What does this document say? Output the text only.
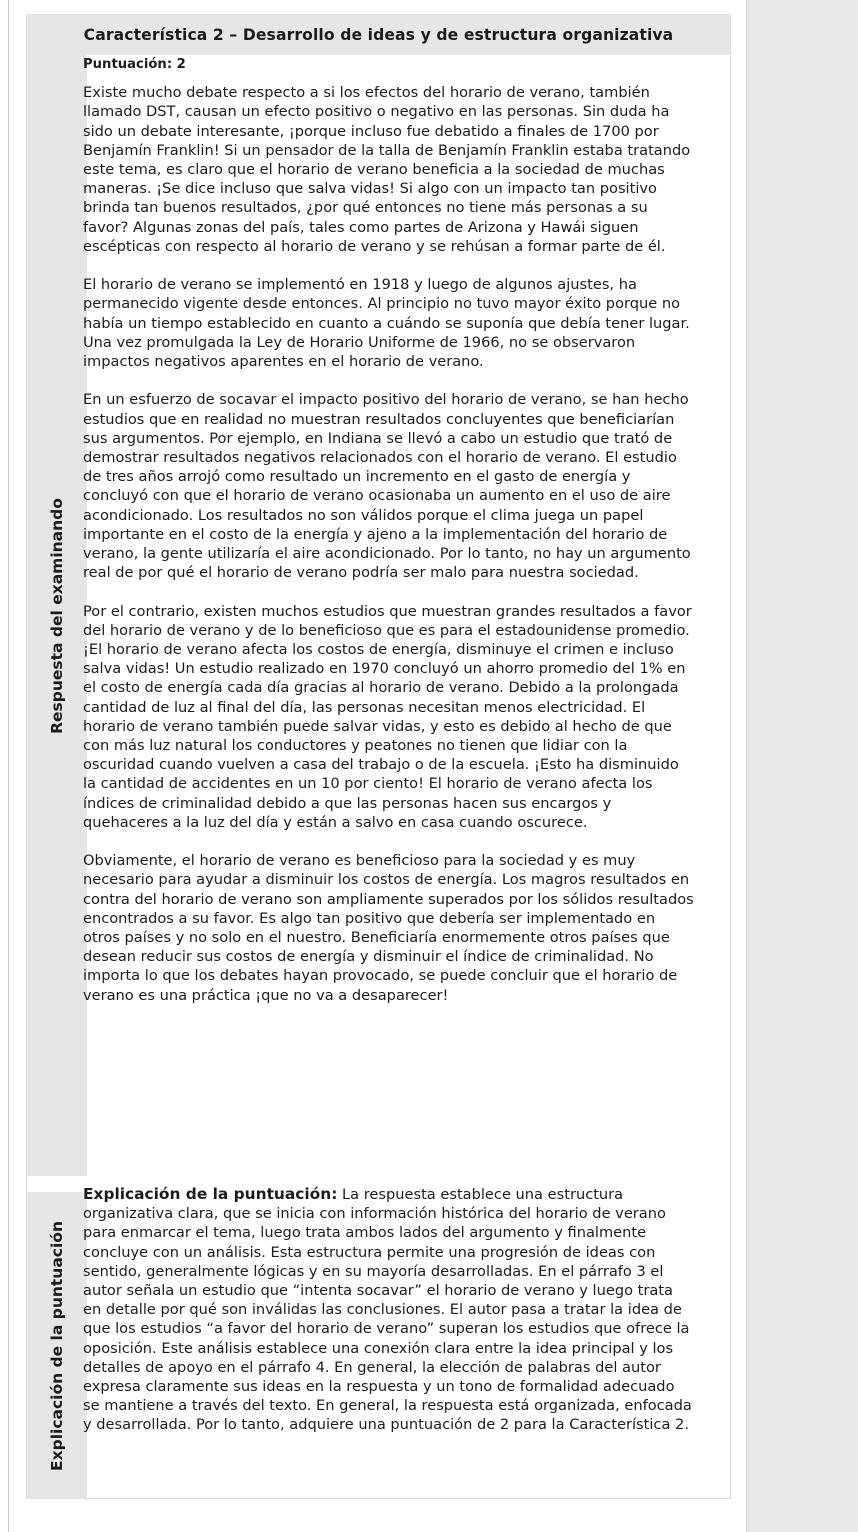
Característica 2 – Desarrollo de ideas y de estructura organizativa
Respuesta del examinando
Explicación de la puntuación
Puntuación: 2

Existe mucho debate respecto a si los efectos del horario de verano, también llamado DST, causan un efecto positivo o negativo en las personas. Sin duda ha sido un debate interesante, ¡porque incluso fue debatido a finales de 1700 por Benjamín Franklin! Si un pensador de la talla de Benjamín Franklin estaba tratando este tema, es claro que el horario de verano beneficia a la sociedad de muchas maneras. ¡Se dice incluso que salva vidas! Si algo con un impacto tan positivo brinda tan buenos resultados, ¿por qué entonces no tiene más personas a su favor? Algunas zonas del país, tales como partes de Arizona y Hawái siguen escépticas con respecto al horario de verano y se rehúsan a formar parte de él.

El horario de verano se implementó en 1918 y luego de algunos ajustes, ha permanecido vigente desde entonces. Al principio no tuvo mayor éxito porque no había un tiempo establecido en cuanto a cuándo se suponía que debía tener lugar. Una vez promulgada la Ley de Horario Uniforme de 1966, no se observaron impactos negativos aparentes en el horario de verano.

En un esfuerzo de socavar el impacto positivo del horario de verano, se han hecho estudios que en realidad no muestran resultados concluyentes que beneficiarían sus argumentos. Por ejemplo, en Indiana se llevó a cabo un estudio que trató de demostrar resultados negativos relacionados con el horario de verano. El estudio de tres años arrojó como resultado un incremento en el gasto de energía y concluyó con que el horario de verano ocasionaba un aumento en el uso de aire acondicionado. Los resultados no son válidos porque el clima juega un papel importante en el costo de la energía y ajeno a la implementación del horario de verano, la gente utilizaría el aire acondicionado. Por lo tanto, no hay un argumento real de por qué el horario de verano podría ser malo para nuestra sociedad.

Por el contrario, existen muchos estudios que muestran grandes resultados a favor del horario de verano y de lo beneficioso que es para el estadounidense promedio. ¡El horario de verano afecta los costos de energía, disminuye el crimen e incluso salva vidas! Un estudio realizado en 1970 concluyó un ahorro promedio del 1% en el costo de energía cada día gracias al horario de verano. Debido a la prolongada cantidad de luz al final del día, las personas necesitan menos electricidad. El horario de verano también puede salvar vidas, y esto es debido al hecho de que con más luz natural los conductores y peatones no tienen que lidiar con la oscuridad cuando vuelven a casa del trabajo o de la escuela. ¡Esto ha disminuido la cantidad de accidentes en un 10 por ciento! El horario de verano afecta los índices de criminalidad debido a que las personas hacen sus encargos y quehaceres a la luz del día y están a salvo en casa cuando oscurece.

Obviamente, el horario de verano es beneficioso para la sociedad y es muy necesario para ayudar a disminuir los costos de energía. Los magros resultados en contra del horario de verano son ampliamente superados por los sólidos resultados encontrados a su favor. Es algo tan positivo que debería ser implementado en otros países y no solo en el nuestro. Beneficiaría enormemente otros países que desean reducir sus costos de energía y disminuir el índice de criminalidad. No importa lo que los debates hayan provocado, se puede concluir que el horario de verano es una práctica ¡que no va a desaparecer!

Explicación de la puntuación: La respuesta establece una estructura organizativa clara, que se inicia con información histórica del horario de verano para enmarcar el tema, luego trata ambos lados del argumento y finalmente concluye con un análisis. Esta estructura permite una progresión de ideas con sentido, generalmente lógicas y en su mayoría desarrolladas. En el párrafo 3 el autor señala un estudio que “intenta socavar” el horario de verano y luego trata en detalle por qué son inválidas las conclusiones. El autor pasa a tratar la idea de que los estudios “a favor del horario de verano” superan los estudios que ofrece la oposición. Este análisis establece una conexión clara entre la idea principal y los detalles de apoyo en el párrafo 4. En general, la elección de palabras del autor expresa claramente sus ideas en la respuesta y un tono de formalidad adecuado se mantiene a través del texto. En general, la respuesta está organizada, enfocada y desarrollada. Por lo tanto, adquiere una puntuación de 2 para la Característica 2.
